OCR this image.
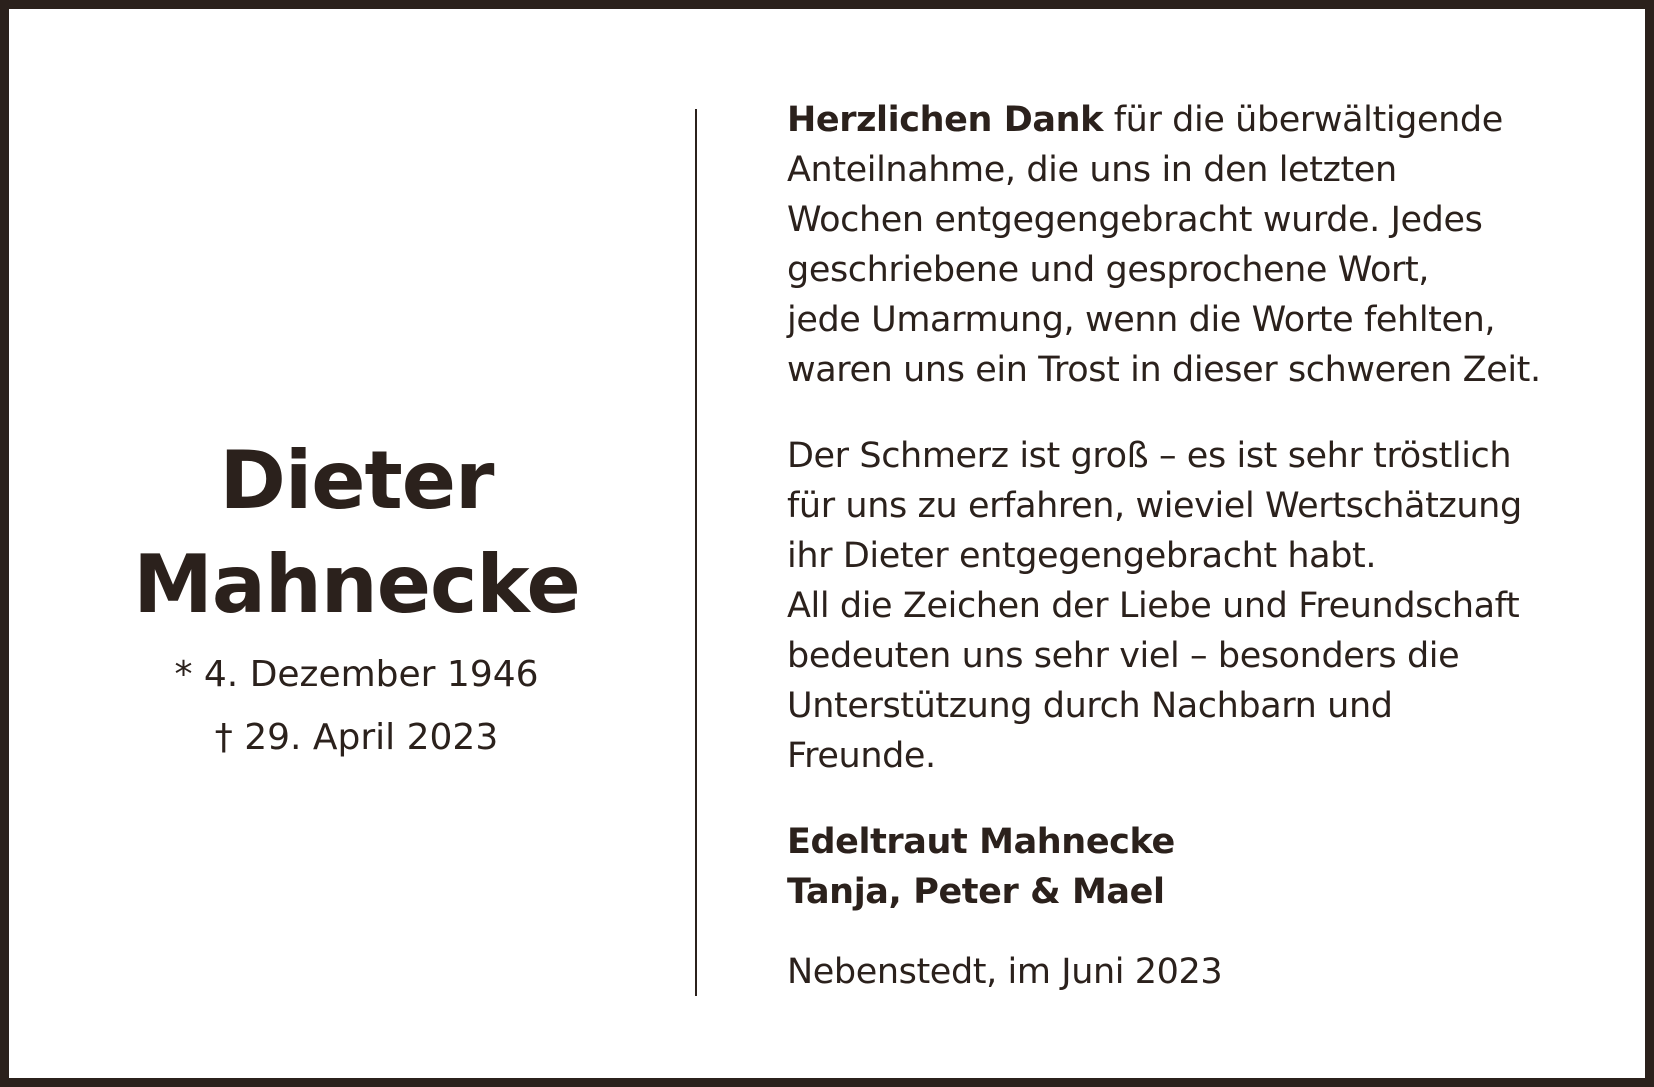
Dieter
Mahnecke
* 4. Dezember 1946
† 29. April 2023
Herzlichen Dank für die überwältigende
Anteilnahme, die uns in den letzten
Wochen entgegengebracht wurde. Jedes
geschriebene und gesprochene Wort,
jede Umarmung, wenn die Worte fehlten,
waren uns ein Trost in dieser schweren Zeit.
Der Schmerz ist groß – es ist sehr tröstlich
für uns zu erfahren, wieviel Wertschätzung
ihr Dieter entgegengebracht habt.
All die Zeichen der Liebe und Freundschaft
bedeuten uns sehr viel – besonders die
Unterstützung durch Nachbarn und
Freunde.
Edeltraut Mahnecke
Tanja, Peter & Mael
Nebenstedt, im Juni 2023
